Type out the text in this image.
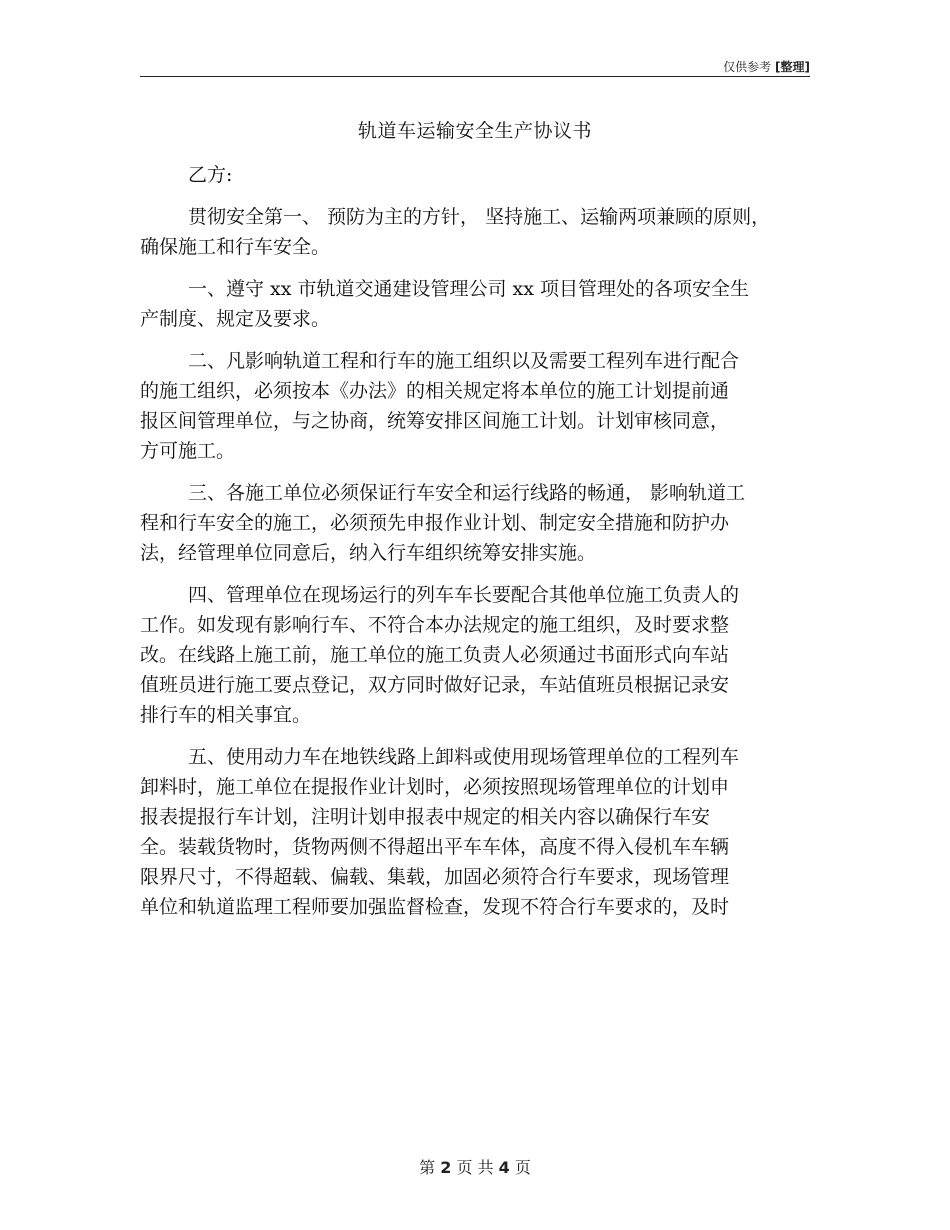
仅供参考 [整理]
轨道车运输安全生产协议书
乙方:
贯彻安全第一、 预防为主的方针， 坚持施工、运输两项兼顾的原则，
确保施工和行车安全。
一、遵守 xx 市轨道交通建设管理公司 xx 项目管理处的各项安全生
产制度、规定及要求。
二、凡影响轨道工程和行车的施工组织以及需要工程列车进行配合
的施工组织，必须按本《办法》的相关规定将本单位的施工计划提前通
报区间管理单位，与之协商，统筹安排区间施工计划。计划审核同意，
方可施工。
三、各施工单位必须保证行车安全和运行线路的畅通， 影响轨道工
程和行车安全的施工，必须预先申报作业计划、制定安全措施和防护办
法，经管理单位同意后，纳入行车组织统筹安排实施。
四、管理单位在现场运行的列车车长要配合其他单位施工负责人的
工作。如发现有影响行车、不符合本办法规定的施工组织，及时要求整
改。在线路上施工前，施工单位的施工负责人必须通过书面形式向车站
值班员进行施工要点登记，双方同时做好记录，车站值班员根据记录安
排行车的相关事宜。
五、使用动力车在地铁线路上卸料或使用现场管理单位的工程列车
卸料时，施工单位在提报作业计划时，必须按照现场管理单位的计划申
报表提报行车计划，注明计划申报表中规定的相关内容以确保行车安
全。装载货物时，货物两侧不得超出平车车体，高度不得入侵机车车辆
限界尺寸，不得超载、偏载、集载，加固必须符合行车要求，现场管理
单位和轨道监理工程师要加强监督检查，发现不符合行车要求的，及时
第 2 页 共 4 页
